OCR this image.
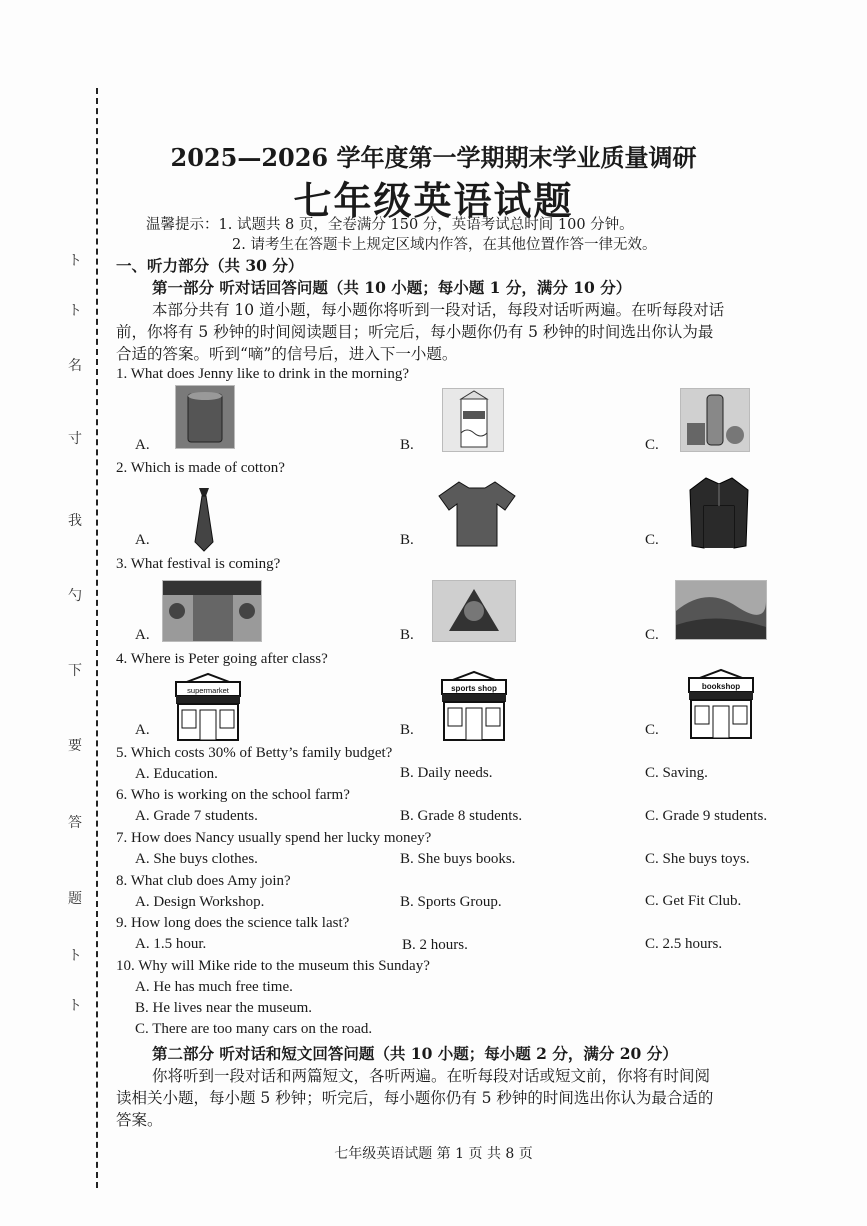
ト
ト
名
寸
我
勺
下
要
答
题
ト
ト
2025—2026 学年度第一学期期末学业质量调研
七年级英语试题
温馨提示：1. 试题共 8 页，全卷满分 150 分，英语考试总时间 100 分钟。
2. 请考生在答题卡上规定区域内作答，在其他位置作答一律无效。
一、听力部分（共 30 分）
第一部分 听对话回答问题（共 10 小题；每小题 1 分，满分 10 分）
本部分共有 10 道小题，每小题你将听到一段对话，每段对话听两遍。在听每段对话
前，你将有 5 秒钟的时间阅读题目；听完后，每小题你仍有 5 秒钟的时间选出你认为最
合适的答案。听到“嘀”的信号后，进入下一小题。
1. What does Jenny like to drink in the morning?
A.	B.	C.
2. Which is made of cotton?
A.	B.	C.
3. What festival is coming?
A.	B.	C.
4. Where is Peter going after class?
A.
supermarket
B.
sports shop
C.
bookshop
5. Which costs 30% of Betty’s family budget?
A. Education.	B. Daily needs.	C. Saving.
6. Who is working on the school farm?
A. Grade 7 students.	B. Grade 8 students.	C. Grade 9 students.
7. How does Nancy usually spend her lucky money?
A. She buys clothes.	B. She buys books.	C. She buys toys.
8. What club does Amy join?
A. Design Workshop.	B. Sports Group.	C. Get Fit Club.
9. How long does the science talk last?
A. 1.5 hour.	B. 2 hours.	C. 2.5 hours.
10. Why will Mike ride to the museum this Sunday?
A. He has much free time.
B. He lives near the museum.
C. There are too many cars on the road.
第二部分 听对话和短文回答问题（共 10 小题；每小题 2 分，满分 20 分）
你将听到一段对话和两篇短文，各听两遍。在听每段对话或短文前，你将有时间阅
读相关小题，每小题 5 秒钟；听完后，每小题你仍有 5 秒钟的时间选出你认为最合适的
答案。
七年级英语试题 第 1 页 共 8 页
